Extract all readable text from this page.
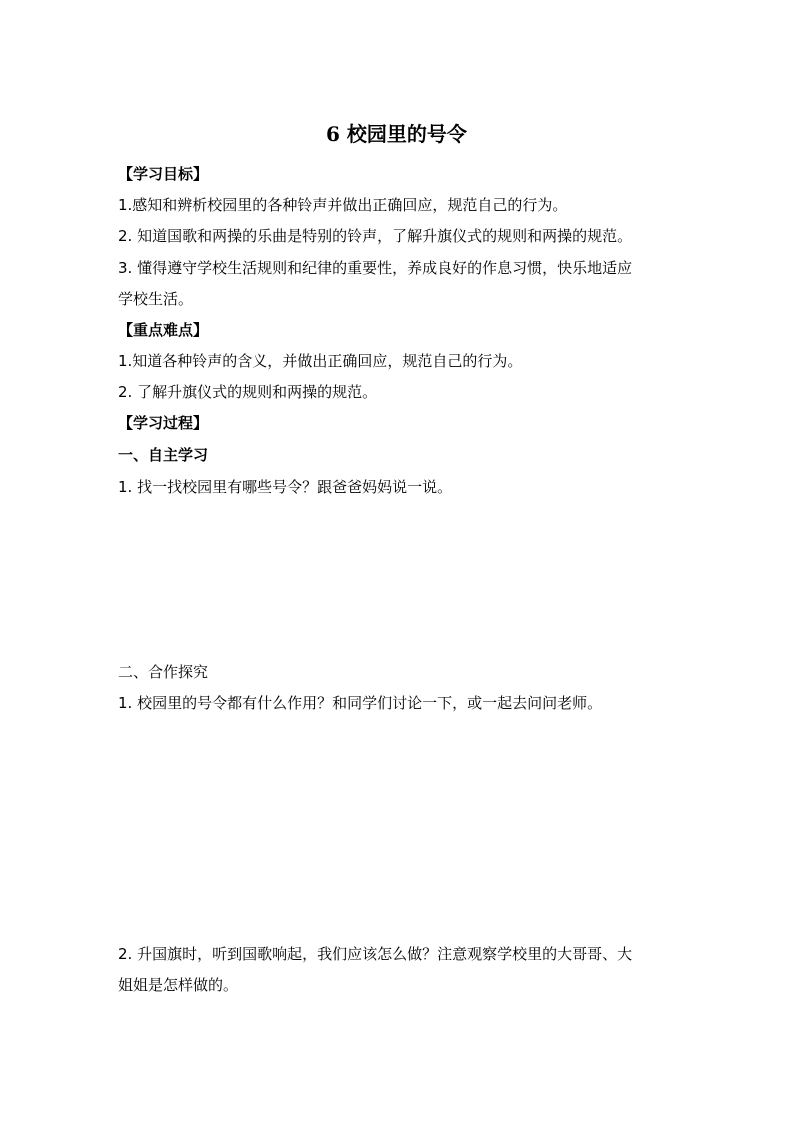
6 校园里的号令
【学习目标】
1.感知和辨析校园里的各种铃声并做出正确回应，规范自己的行为。
2. 知道国歌和两操的乐曲是特别的铃声，了解升旗仪式的规则和两操的规范。
3. 懂得遵守学校生活规则和纪律的重要性，养成良好的作息习惯，快乐地适应
学校生活。
【重点难点】
1.知道各种铃声的含义，并做出正确回应，规范自己的行为。
2. 了解升旗仪式的规则和两操的规范。
【学习过程】
一、自主学习
1. 找一找校园里有哪些号令？跟爸爸妈妈说一说。
二、合作探究
1. 校园里的号令都有什么作用？和同学们讨论一下，或一起去问问老师。
2. 升国旗时，听到国歌响起，我们应该怎么做？注意观察学校里的大哥哥、大
姐姐是怎样做的。
